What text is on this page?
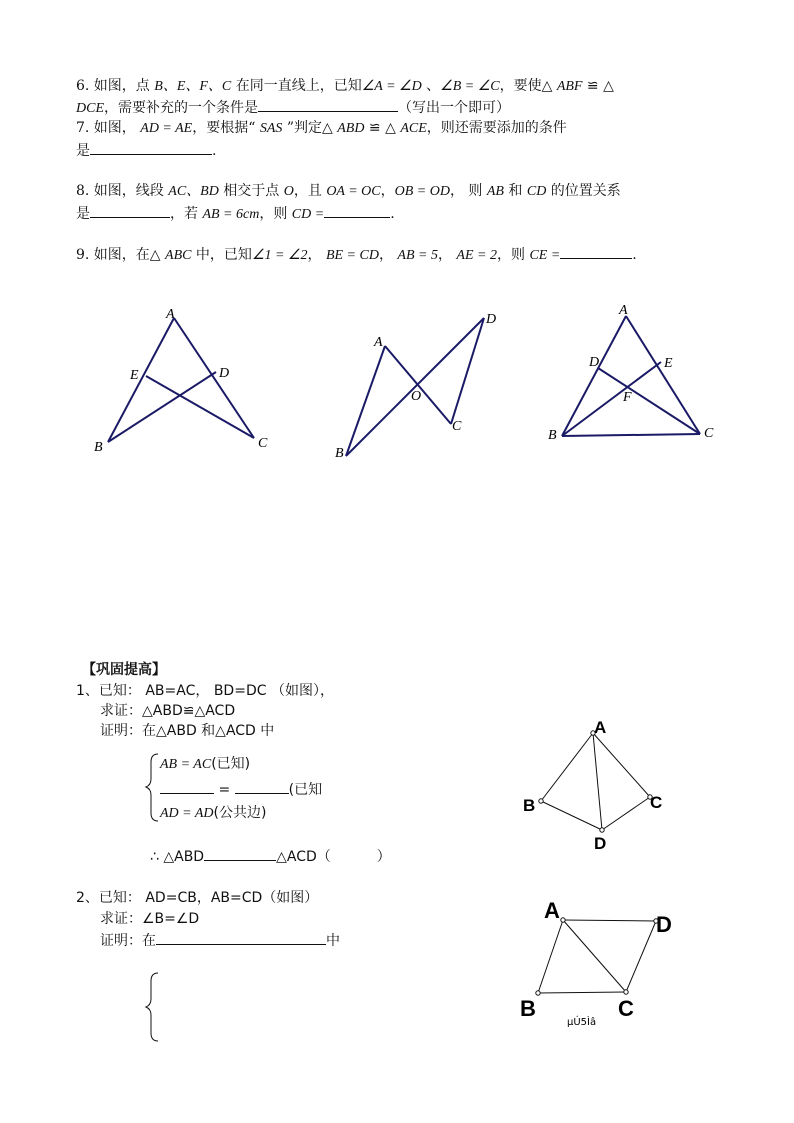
6. 如图，点 B、E、F、C 在同一直线上，已知∠A = ∠D 、∠B = ∠C，要使△ ABF ≌ △
DCE，需要补充的一个条件是	（写出一个即可）
7. 如图， AD = AE，要根据“ SAS ”判定△ ABD ≌ △ ACE，则还需要添加的条件
是	.
8. 如图，线段 AC、BD 相交于点 O，且 OA = OC，OB = OD， 则 AB 和 CD 的位置关系
是	，若 AB = 6cm，则 CD =	.
9. 如图，在△ ABC 中，已知∠1 = ∠2， BE = CD， AB = 5， AE = 2，则 CE =	.
A
B	C
D
E
A
B
C
D
O
A
B	C
D	E
F
A
B	C
D
A
B	C
D
µÚ5Ìâ
【巩固提高】
1、已知： AB=AC， BD=DC （如图），
求证：△ABD≌△ACD
证明：在△ABD 和△ACD 中
AB = AC(已知)
=	(已知
AD = AD(公共边)
∴ △ABD	△ACD（	）
2、已知： AD=CB，AB=CD（如图）
求证：∠B=∠D
证明：在	中
